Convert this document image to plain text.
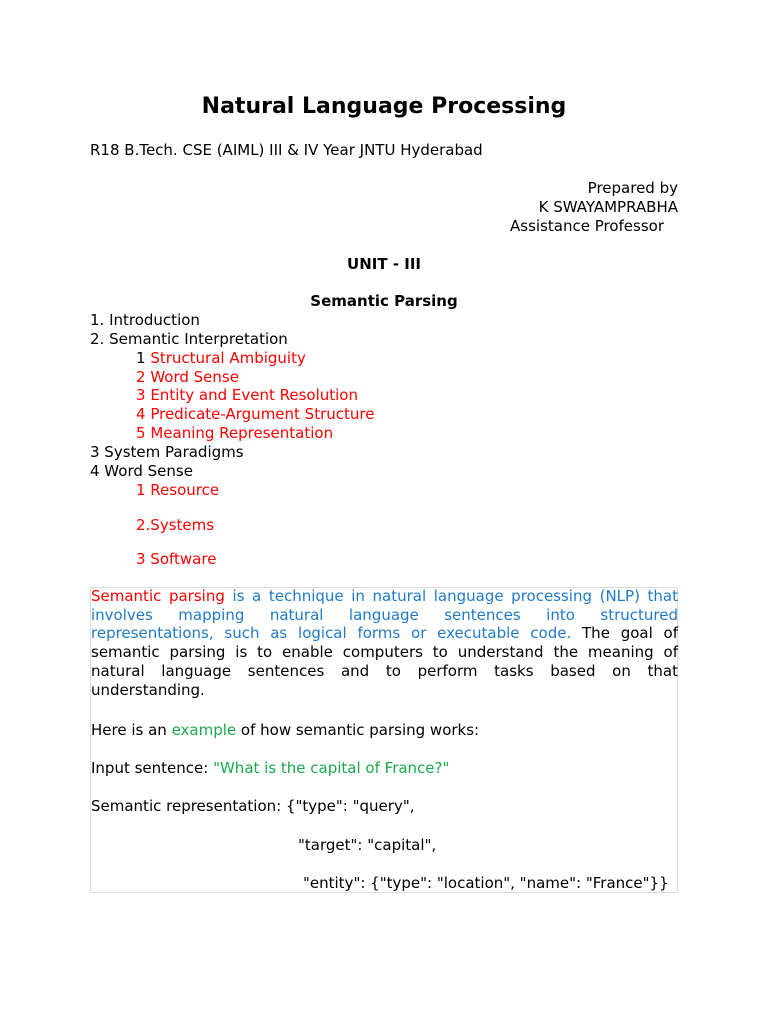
Natural Language Processing
R18 B.Tech. CSE (AIML) III & IV Year JNTU Hyderabad
Prepared by
K SWAYAMPRABHA
Assistance Professor
UNIT - III
Semantic Parsing
1. Introduction
2. Semantic Interpretation
1 Structural Ambiguity
2 Word Sense
3 Entity and Event Resolution
4 Predicate-Argument Structure
5 Meaning Representation
3 System Paradigms
4 Word Sense
1 Resource
2.Systems
3 Software
Semantic parsing is a technique in natural language processing (NLP) that involves mapping natural language sentences into structured representations, such as logical forms or executable code. The goal of semantic parsing is to enable computers to understand the meaning of natural language sentences and to perform tasks based on that understanding.
Here is an example of how semantic parsing works:
Input sentence: "What is the capital of France?"
Semantic representation: {"type": "query",
"target": "capital",
"entity": {"type": "location", "name": "France"}}
